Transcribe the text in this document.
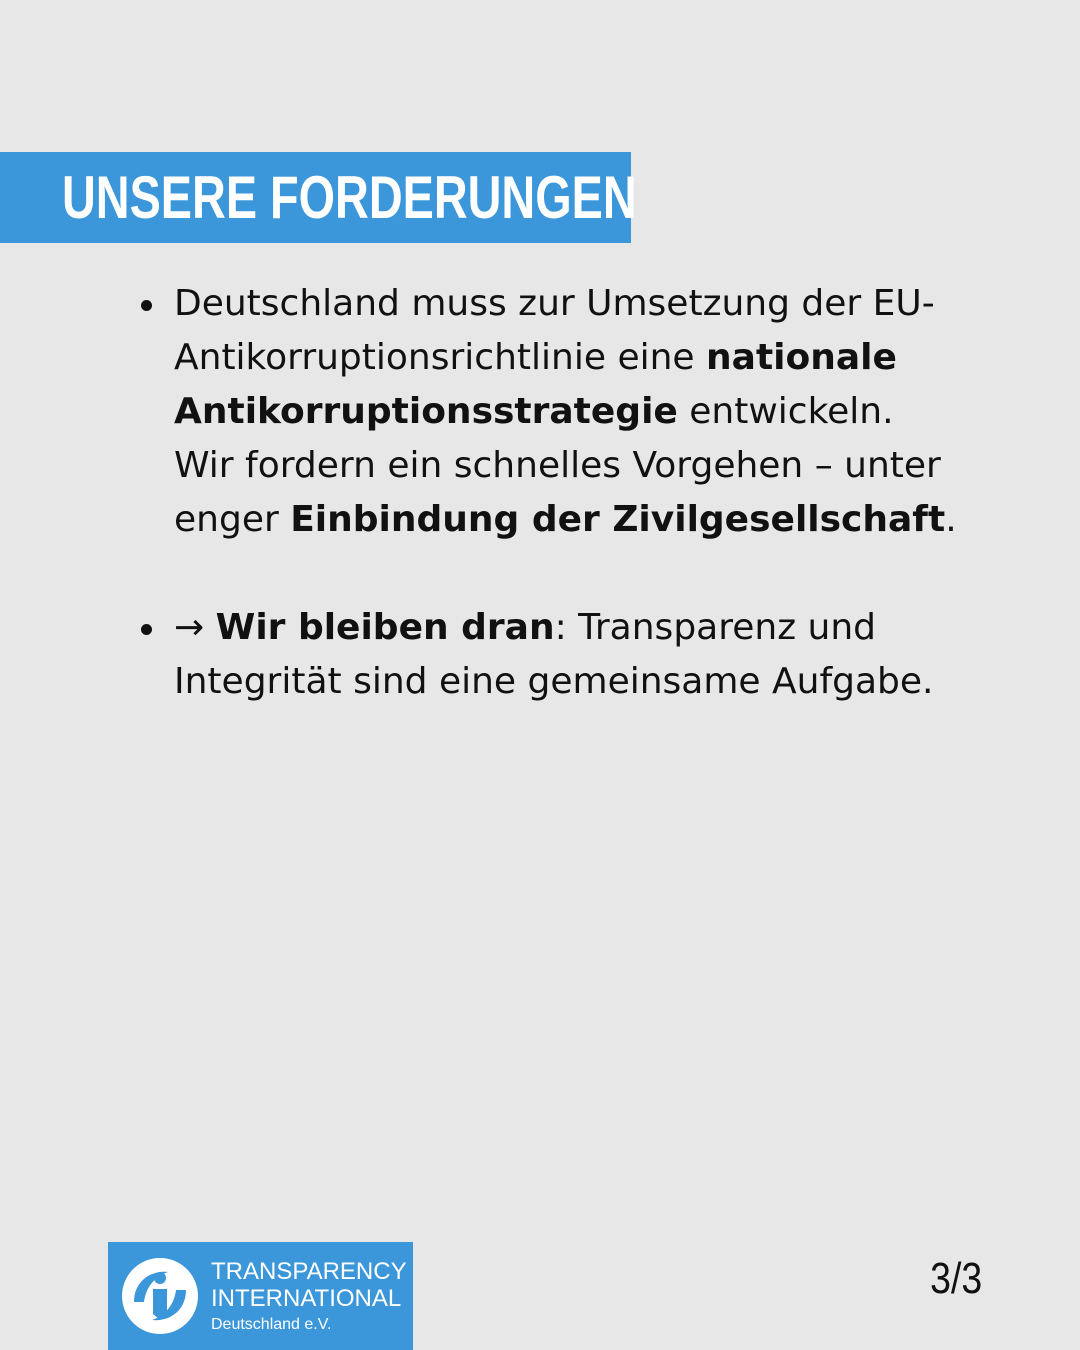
UNSERE FORDERUNGEN
Deutschland muss zur Umsetzung der EU-Antikorruptionsrichtlinie eine nationale Antikorruptionsstrategie entwickeln. Wir fordern ein schnelles Vorgehen – unter enger Einbindung der Zivilgesellschaft.
→ Wir bleiben dran: Transparenz und Integrität sind eine gemeinsame Aufgabe.
TRANSPARENCY
INTERNATIONAL
Deutschland e.V.
3/3
